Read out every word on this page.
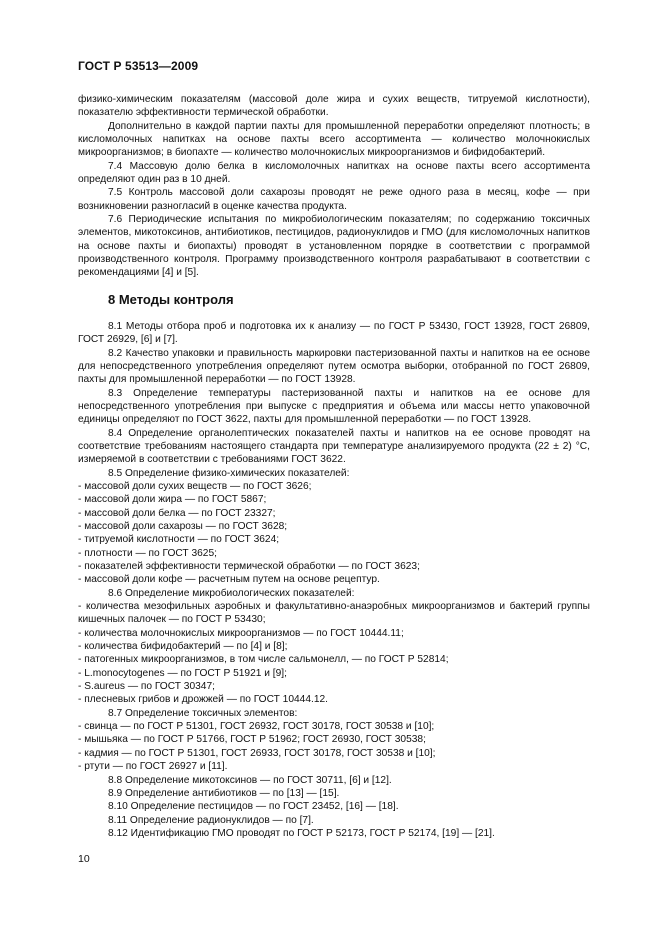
ГОСТ Р 53513—2009

физико-химическим показателям (массовой доле жира и сухих веществ, титруемой кислотности), показателю эффективности термической обработки.

Дополнительно в каждой партии пахты для промышленной переработки определяют плотность; в кисломолочных напитках на основе пахты всего ассортимента — количество молочнокислых микроорганизмов; в биопахте — количество молочнокислых микроорганизмов и бифидобактерий.

7.4 Массовую долю белка в кисломолочных напитках на основе пахты всего ассортимента определяют один раз в 10 дней.

7.5 Контроль массовой доли сахарозы проводят не реже одного раза в месяц, кофе — при возникновении разногласий в оценке качества продукта.

7.6 Периодические испытания по микробиологическим показателям; по содержанию токсичных элементов, микотоксинов, антибиотиков, пестицидов, радионуклидов и ГМО (для кисломолочных напитков на основе пахты и биопахты) проводят в установленном порядке в соответствии с программой производственного контроля. Программу производственного контроля разрабатывают в соответствии с рекомендациями [4] и [5].

8 Методы контроля

8.1 Методы отбора проб и подготовка их к анализу — по ГОСТ Р 53430, ГОСТ 13928, ГОСТ 26809, ГОСТ 26929, [6] и [7].

8.2 Качество упаковки и правильность маркировки пастеризованной пахты и напитков на ее основе для непосредственного употребления определяют путем осмотра выборки, отобранной по ГОСТ 26809, пахты для промышленной переработки — по ГОСТ 13928.

8.3 Определение температуры пастеризованной пахты и напитков на ее основе для непосредственного употребления при выпуске с предприятия и объема или массы нетто упаковочной единицы определяют по ГОСТ 3622, пахты для промышленной переработки — по ГОСТ 13928.

8.4 Определение органолептических показателей пахты и напитков на ее основе проводят на соответствие требованиям настоящего стандарта при температуре анализируемого продукта (22 ± 2) °С, измеряемой в соответствии с требованиями ГОСТ 3622.

8.5 Определение физико-химических показателей:

- массовой доли сухих веществ — по ГОСТ 3626;

- массовой доли жира — по ГОСТ 5867;

- массовой доли белка — по ГОСТ 23327;

- массовой доли сахарозы — по ГОСТ 3628;

- титруемой кислотности — по ГОСТ 3624;

- плотности — по ГОСТ 3625;

- показателей эффективности термической обработки — по ГОСТ 3623;

- массовой доли кофе — расчетным путем на основе рецептур.

8.6 Определение микробиологических показателей:

- количества мезофильных аэробных и факультативно-анаэробных микроорганизмов и бактерий группы кишечных палочек — по ГОСТ Р 53430;

- количества молочнокислых микроорганизмов — по ГОСТ 10444.11;

- количества бифидобактерий — по [4] и [8];

- патогенных микроорганизмов, в том числе сальмонелл, — по ГОСТ Р 52814;

- L.monocytogenes — по ГОСТ Р 51921 и [9];

- S.aureus — по ГОСТ 30347;

- плесневых грибов и дрожжей — по ГОСТ 10444.12.

8.7 Определение токсичных элементов:

- свинца — по ГОСТ Р 51301, ГОСТ 26932, ГОСТ 30178, ГОСТ 30538 и [10];

- мышьяка — по ГОСТ Р 51766, ГОСТ Р 51962; ГОСТ 26930, ГОСТ 30538;

- кадмия — по ГОСТ Р 51301, ГОСТ 26933, ГОСТ 30178, ГОСТ 30538 и [10];

- ртути — по ГОСТ 26927 и [11].

8.8 Определение микотоксинов — по ГОСТ 30711, [6] и [12].

8.9 Определение антибиотиков — по [13] — [15].

8.10 Определение пестицидов — по ГОСТ 23452, [16] — [18].

8.11 Определение радионуклидов — по [7].

8.12 Идентификацию ГМО проводят по ГОСТ Р 52173, ГОСТ Р 52174, [19] — [21].

10
